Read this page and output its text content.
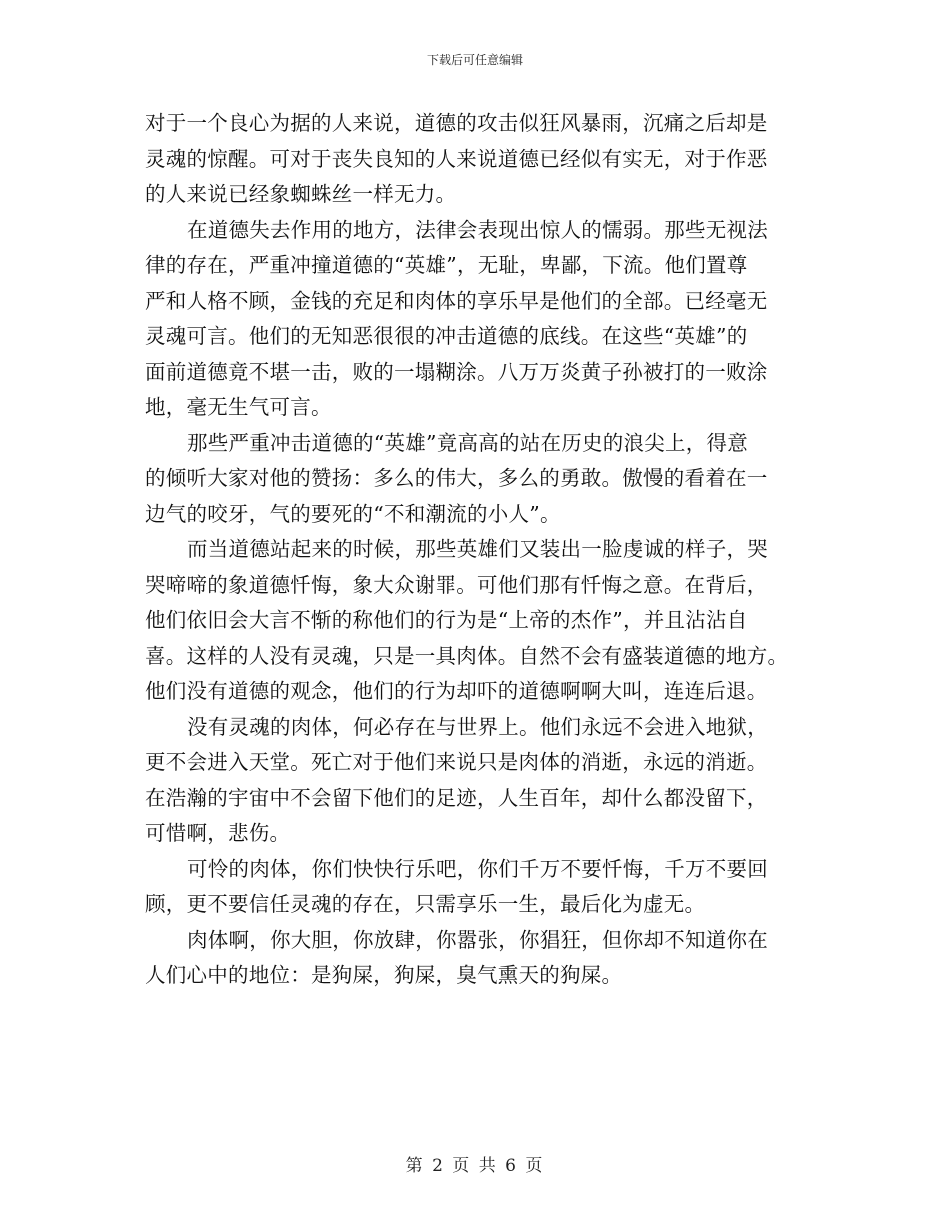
下载后可任意编辑
对于一个良心为据的人来说，道德的攻击似狂风暴雨，沉痛之后却是
灵魂的惊醒。可对于丧失良知的人来说道德已经似有实无，对于作恶
的人来说已经象蜘蛛丝一样无力。
在道德失去作用的地方，法律会表现出惊人的懦弱。那些无视法
律的存在，严重冲撞道德的“英雄”，无耻，卑鄙，下流。他们置尊
严和人格不顾，金钱的充足和肉体的享乐早是他们的全部。已经毫无
灵魂可言。他们的无知恶很很的冲击道德的底线。在这些“英雄”的
面前道德竟不堪一击，败的一塌糊涂。八万万炎黄子孙被打的一败涂
地，毫无生气可言。
那些严重冲击道德的“英雄”竟高高的站在历史的浪尖上，得意
的倾听大家对他的赞扬：多么的伟大，多么的勇敢。傲慢的看着在一
边气的咬牙，气的要死的“不和潮流的小人”。
而当道德站起来的时候，那些英雄们又装出一脸虔诚的样子，哭
哭啼啼的象道德忏悔，象大众谢罪。可他们那有忏悔之意。在背后，
他们依旧会大言不惭的称他们的行为是“上帝的杰作”，并且沾沾自
喜。这样的人没有灵魂，只是一具肉体。自然不会有盛装道德的地方。
他们没有道德的观念，他们的行为却吓的道德啊啊大叫，连连后退。
没有灵魂的肉体，何必存在与世界上。他们永远不会进入地狱，
更不会进入天堂。死亡对于他们来说只是肉体的消逝，永远的消逝。
在浩瀚的宇宙中不会留下他们的足迹，人生百年，却什么都没留下，
可惜啊，悲伤。
可怜的肉体，你们快快行乐吧，你们千万不要忏悔，千万不要回
顾，更不要信任灵魂的存在，只需享乐一生，最后化为虚无。
肉体啊，你大胆，你放肆，你嚣张，你猖狂，但你却不知道你在
人们心中的地位：是狗屎，狗屎，臭气熏天的狗屎。
第 2 页 共 6 页
